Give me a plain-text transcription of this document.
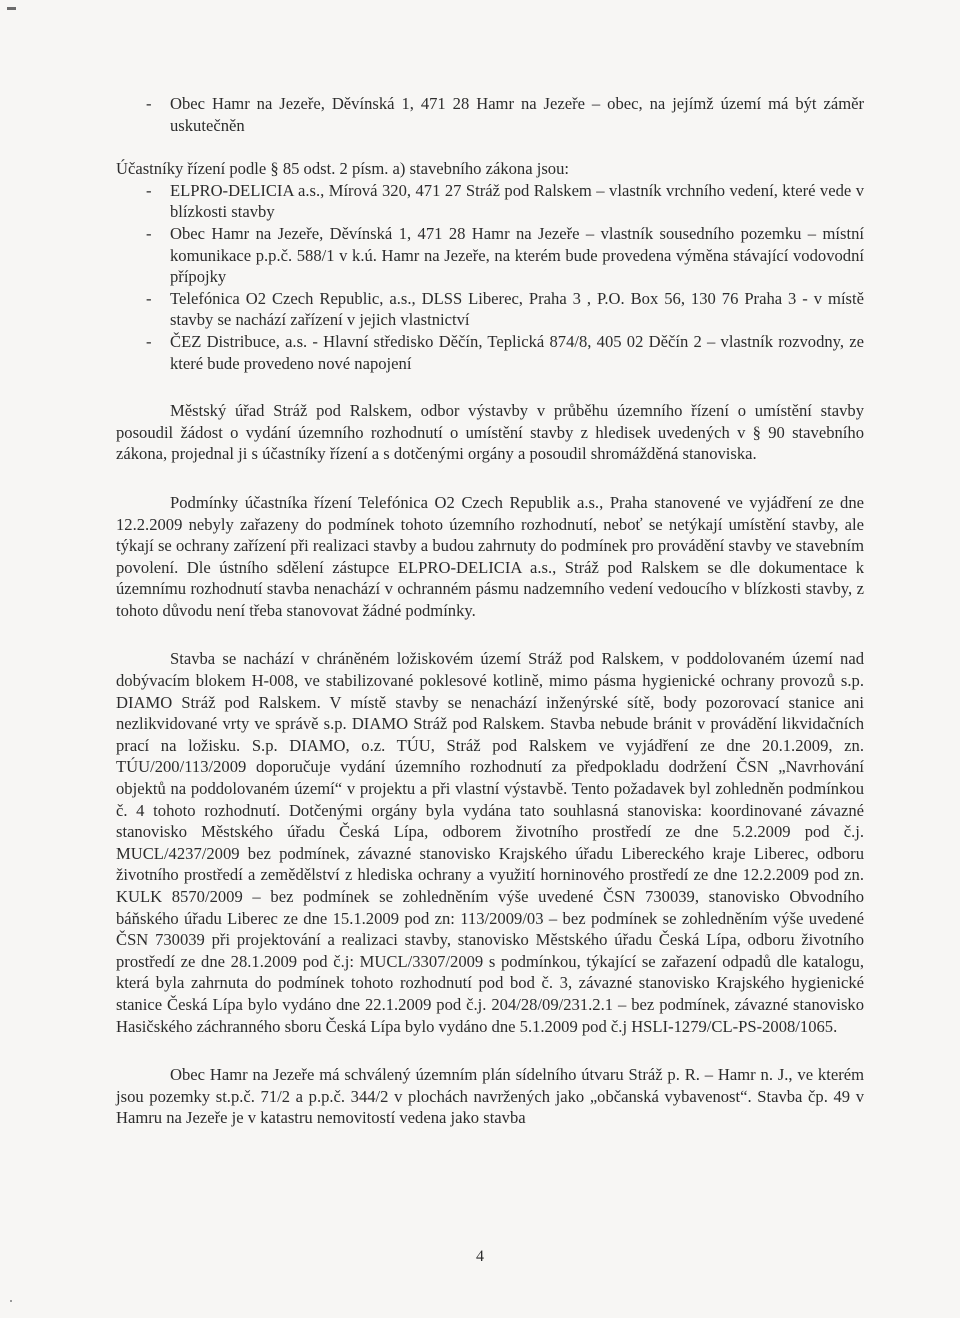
- Obec Hamr na Jezeře, Děvínská 1, 471 28 Hamr na Jezeře – obec, na jejímž území má být záměr uskutečněn
Účastníky řízení podle § 85 odst. 2 písm. a) stavebního zákona jsou:
- ELPRO-DELICIA a.s., Mírová 320, 471 27 Stráž pod Ralskem – vlastník vrchního vedení, které vede v blízkosti stavby
- Obec Hamr na Jezeře, Děvínská 1, 471 28 Hamr na Jezeře – vlastník sousedního pozemku – místní komunikace p.p.č. 588/1 v k.ú. Hamr na Jezeře, na kterém bude provedena výměna stávající vodovodní přípojky
- Telefónica O2 Czech Republic, a.s., DLSS Liberec, Praha 3 , P.O. Box 56, 130 76 Praha 3 - v místě stavby se nachází zařízení v jejich vlastnictví
- ČEZ Distribuce, a.s. - Hlavní středisko Děčín, Teplická 874/8, 405 02 Děčín 2 – vlastník rozvodny, ze které bude provedeno nové napojení

Městský úřad Stráž pod Ralskem, odbor výstavby v průběhu územního řízení o umístění stavby posoudil žádost o vydání územního rozhodnutí o umístění stavby z hledisek uvedených v § 90 stavebního zákona, projednal ji s účastníky řízení a s dotčenými orgány a posoudil shromážděná stanoviska.

Podmínky účastníka řízení Telefónica O2 Czech Republik a.s., Praha stanovené ve vyjádření ze dne 12.2.2009 nebyly zařazeny do podmínek tohoto územního rozhodnutí, neboť se netýkají umístění stavby, ale týkají se ochrany zařízení při realizaci stavby a budou zahrnuty do podmínek pro provádění stavby ve stavebním povolení. Dle ústního sdělení zástupce ELPRO-DELICIA a.s., Stráž pod Ralskem se dle dokumentace k územnímu rozhodnutí stavba nenachází v ochranném pásmu nadzemního vedení vedoucího v blízkosti stavby, z tohoto důvodu není třeba stanovovat žádné podmínky.

Stavba se nachází v chráněném ložiskovém území Stráž pod Ralskem, v poddolovaném území nad dobývacím blokem H-008, ve stabilizované poklesové kotlině, mimo pásma hygienické ochrany provozů s.p. DIAMO Stráž pod Ralskem. V místě stavby se nenachází inženýrské sítě, body pozorovací stanice ani nezlikvidované vrty ve správě s.p. DIAMO Stráž pod Ralskem. Stavba nebude bránit v provádění likvidačních prací na ložisku. S.p. DIAMO, o.z. TÚU, Stráž pod Ralskem ve vyjádření ze dne 20.1.2009, zn. TÚU/200/113/2009 doporučuje vydání územního rozhodnutí za předpokladu dodržení ČSN „Navrhování objektů na poddolovaném území“ v projektu a při vlastní výstavbě. Tento požadavek byl zohledněn podmínkou č. 4 tohoto rozhodnutí. Dotčenými orgány byla vydána tato souhlasná stanoviska: koordinované závazné stanovisko Městského úřadu Česká Lípa, odborem životního prostředí ze dne 5.2.2009 pod č.j. MUCL/4237/2009 bez podmínek, závazné stanovisko Krajského úřadu Libereckého kraje Liberec, odboru životního prostředí a zemědělství z hlediska ochrany a využití horninového prostředí ze dne 12.2.2009 pod zn. KULK 8570/2009 – bez podmínek se zohledněním výše uvedené ČSN 730039, stanovisko Obvodního báňského úřadu Liberec ze dne 15.1.2009 pod zn: 113/2009/03 – bez podmínek se zohledněním výše uvedené ČSN 730039 při projektování a realizaci stavby, stanovisko Městského úřadu Česká Lípa, odboru životního prostředí ze dne 28.1.2009 pod č.j: MUCL/3307/2009 s podmínkou, týkající se zařazení odpadů dle katalogu, která byla zahrnuta do podmínek tohoto rozhodnutí pod bod č. 3, závazné stanovisko Krajského hygienické stanice Česká Lípa bylo vydáno dne 22.1.2009 pod č.j. 204/28/09/231.2.1 – bez podmínek, závazné stanovisko Hasičského záchranného sboru Česká Lípa bylo vydáno dne 5.1.2009 pod č.j HSLI-1279/CL-PS-2008/1065.

Obec Hamr na Jezeře má schválený územním plán sídelního útvaru Stráž p. R. – Hamr n. J., ve kterém jsou pozemky st.p.č. 71/2 a p.p.č. 344/2 v plochách navržených jako „občanská vybavenost“. Stavba čp. 49 v Hamru na Jezeře je v katastru nemovitostí vedena jako stavba

4
